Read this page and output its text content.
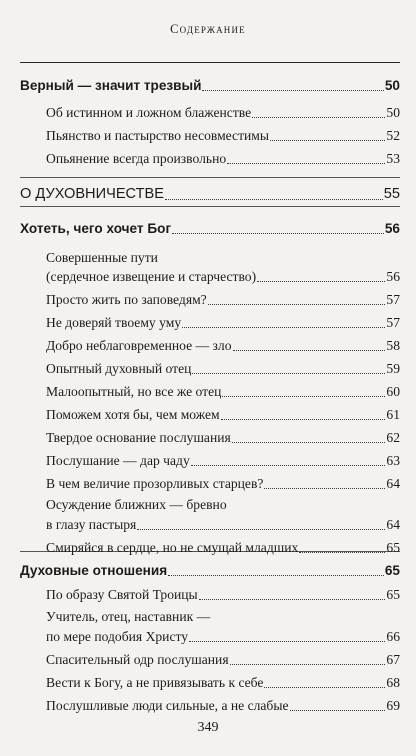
Содержание
Верный — значит трезвый	50
Об истинном и ложном блаженстве	50
Пьянство и пастырство несовместимы	52
Опьянение всегда произвольно	53
О ДУХОВНИЧЕСТВЕ	55
Хотеть, чего хочет Бог	56
Совершенные пути
(сердечное извещение и старчество)	56
Просто жить по заповедям?	57
Не доверяй твоему уму	57
Добро неблаговременное — зло	58
Опытный духовный отец	59
Малоопытный, но все же отец	60
Поможем хотя бы, чем можем	61
Твердое основание послушания	62
Послушание — дар чаду	63
В чем величие прозорливых старцев?	64
Осуждение ближних — бревно
в глазу пастыря	64
Смиряйся в сердце, но не смущай младших	65
Духовные отношения	65
По образу Святой Троицы	65
Учитель, отец, наставник —
по мере подобия Христу	66
Спасительный одр послушания	67
Вести к Богу, а не привязывать к себе	68
Послушливые люди сильные, а не слабые	69
349
